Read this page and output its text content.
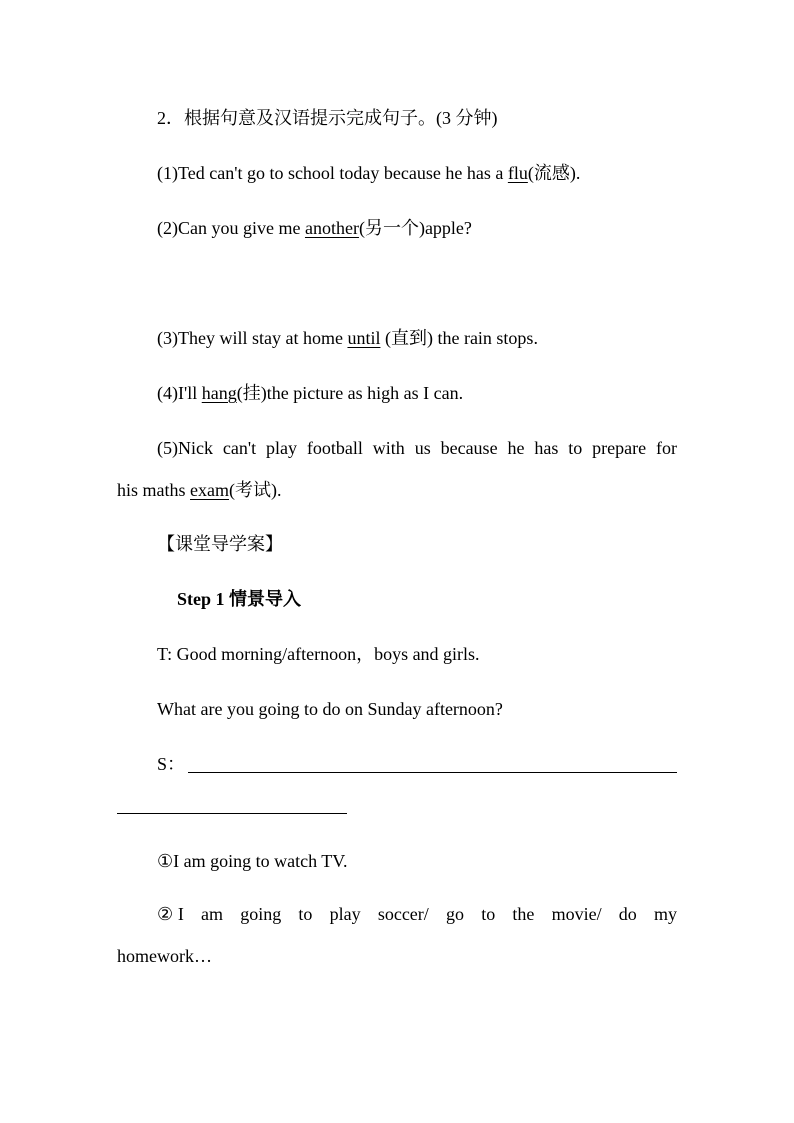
2．根据句意及汉语提示完成句子。(3 分钟)
(1)Ted can't go to school today because he has a flu(流感).
(2)Can you give me another(另一个)apple?
(3)They will stay at home until (直到) the rain stops.
(4)I'll hang(挂)the picture as high as I can.
(5)Nick can't play football with us because he has to prepare for
his maths exam(考试).
【课堂导学案】
Step 1 情景导入
T: Good morning/afternoon，boys and girls.
What are you going to do on Sunday afternoon?
S：
①I am going to watch TV.
②I am going to play soccer/ go to the movie/ do my homework…
